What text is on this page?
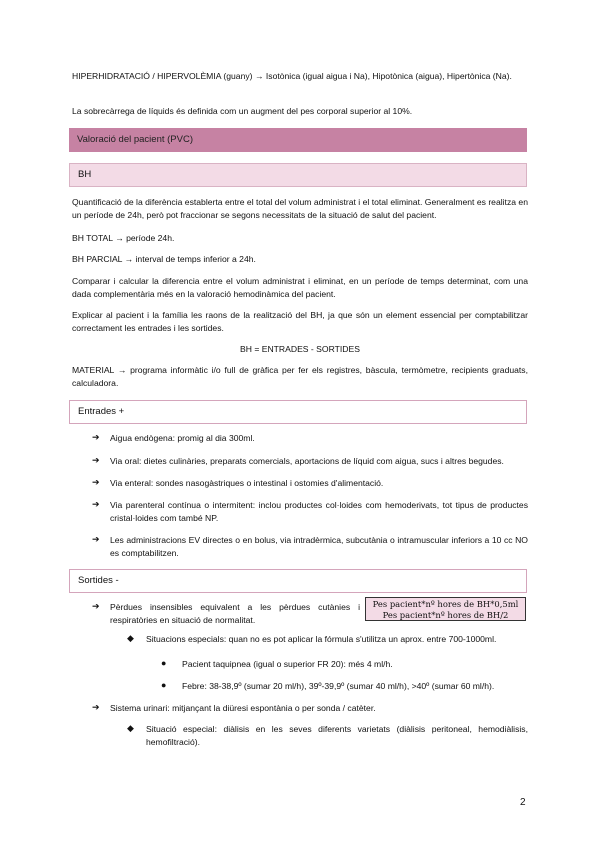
HIPERHIDRATACIÓ / HIPERVOLÈMIA (guany) → Isotònica (igual aigua i Na), Hipotònica (aigua), Hipertònica (Na).

La sobrecàrrega de líquids és definida com un augment del pes corporal superior al 10%.

Valoració del pacient (PVC)
BH

Quantificació de la diferència establerta entre el total del volum administrat i el total eliminat. Generalment es realitza en un període de 24h, però pot fraccionar se segons necessitats de la situació de salut del pacient.

BH TOTAL → període 24h.

BH PARCIAL → interval de temps inferior a 24h.

Comparar i calcular la diferencia entre el volum administrat i eliminat, en un període de temps determinat, com una dada complementària més en la valoració hemodinàmica del pacient.

Explicar al pacient i la família les raons de la realització del BH, ja que són un element essencial per comptabilitzar correctament les entrades i les sortides.

BH = ENTRADES - SORTIDES

MATERIAL → programa informàtic i/o full de gràfica per fer els registres, bàscula, termòmetre, recipients graduats, calculadora.

Entrades +
➔ Aigua endògena: promig al dia 300ml.
➔ Via oral: dietes culinàries, preparats comercials, aportacions de líquid com aigua, sucs i altres begudes.
➔ Via enteral: sondes nasogàstriques o intestinal i ostomies d'alimentació.
➔ Via parenteral contínua o intermitent: inclou productes col·loides com hemoderivats, tot tipus de productes cristal·loides com també NP.
➔ Les administracions EV directes o en bolus, via intradèrmica, subcutània o intramuscular inferiors a 10 cc NO es comptabilitzen.
Sortides -
➔ Pèrdues insensibles equivalent a les pèrdues cutànies i respiratòries en situació de normalitat.
Pes pacient*nº hores de BH*0,5ml
Pes pacient*nº hores de BH/2
◆ Situacions especials: quan no es pot aplicar la fórmula s'utilitza un aprox. entre 700-1000ml.
● Pacient taquipnea (igual o superior FR 20): més 4 ml/h.
● Febre: 38-38,9º (sumar 20 ml/h), 39º-39,9º (sumar 40 ml/h), >40º (sumar 60 ml/h).
➔ Sistema urinari: mitjançant la diüresi espontània o per sonda / catèter.
◆ Situació especial: diàlisis en les seves diferents varietats (diàlisis peritoneal, hemodiàlisis, hemofiltració).
2
